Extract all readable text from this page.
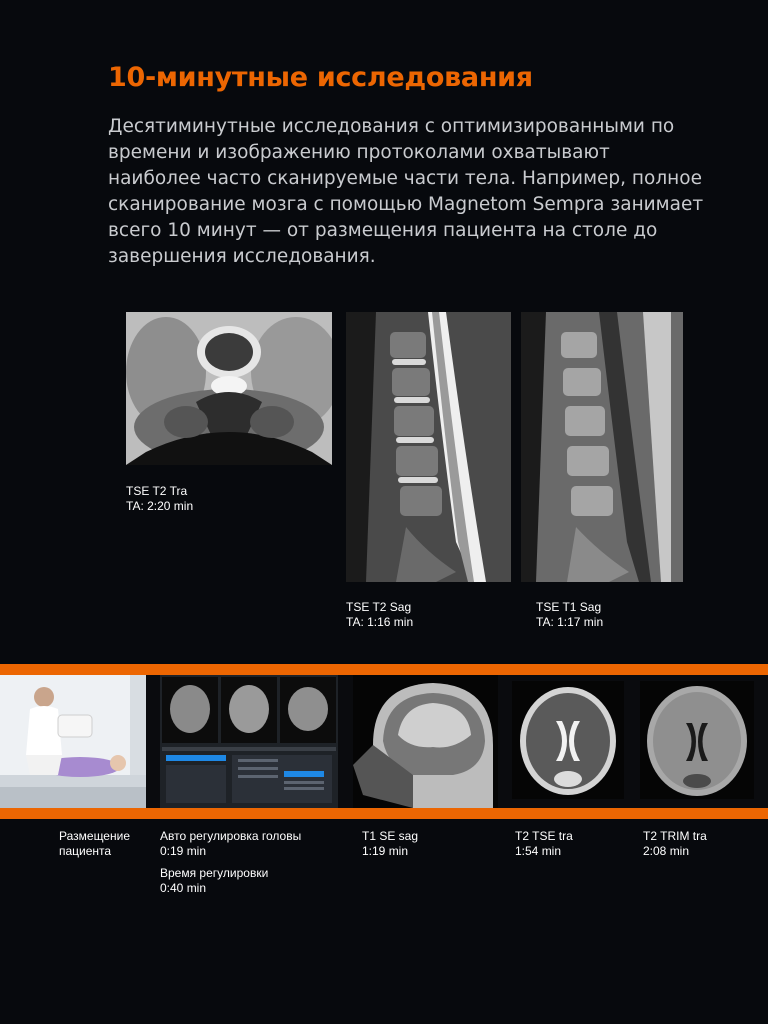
10-минутные исследования
Десятиминутные исследования с оптимизированными по времени и изображению протоколами охватывают наиболее часто сканируемые части тела. Например, полное сканирование мозга с помощью Magnetom Sempra занимает всего 10 минут — от размещения пациента на столе до завершения исследования.
TSE T2 Tra
TA: 2:20 min
TSE T2 Sag
TA: 1:16 min
TSE T1 Sag
TA: 1:17 min
Размещение
пациента
Авто регулировка головы
0:19 min
Время регулировки
0:40 min
T1 SE sag
1:19 min
T2 TSE tra
1:54 min
T2 TRIM tra
2:08 min
